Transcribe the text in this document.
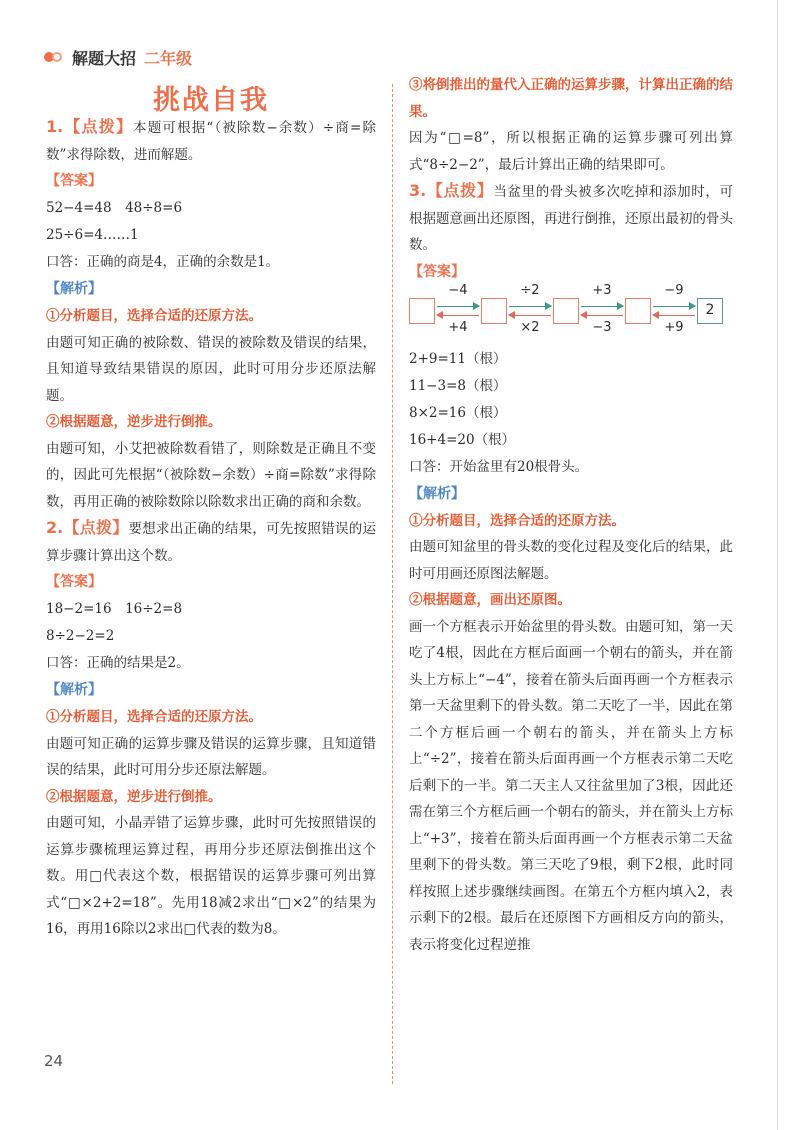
解题大招 二年级
挑战自我
1.【点拨】本题可根据“（被除数−余数）÷商=除数”求得除数，进而解题。
【答案】
52−4=48　48÷8=6
25÷6=4……1
口答：正确的商是4，正确的余数是1。
【解析】
①分析题目，选择合适的还原方法。
由题可知正确的被除数、错误的被除数及错误的结果，且知道导致结果错误的原因，此时可用分步还原法解题。
②根据题意，逆步进行倒推。
由题可知，小艾把被除数看错了，则除数是正确且不变的，因此可先根据“（被除数−余数）÷商=除数”求得除数，再用正确的被除数除以除数求出正确的商和余数。
2.【点拨】要想求出正确的结果，可先按照错误的运算步骤计算出这个数。
【答案】
18−2=16　16÷2=8
8÷2−2=2
口答：正确的结果是2。
【解析】
①分析题目，选择合适的还原方法。
由题可知正确的运算步骤及错误的运算步骤，且知道错误的结果，此时可用分步还原法解题。
②根据题意，逆步进行倒推。
由题可知，小晶弄错了运算步骤，此时可先按照错误的运算步骤梳理运算过程，再用分步还原法倒推出这个数。用□代表这个数，根据错误的运算步骤可列出算式“□×2+2=18”。先用18减2求出“□×2”的结果为16，再用16除以2求出□代表的数为8。
③将倒推出的量代入正确的运算步骤，计算出正确的结果。
因为“□=8”，所以根据正确的运算步骤可列出算式“8÷2−2”，最后计算出正确的结果即可。
3.【点拨】当盆里的骨头被多次吃掉和添加时，可根据题意画出还原图，再进行倒推，还原出最初的骨头数。
【答案】
2
−4	÷2	+3	−9
+4	×2	−3	+9
2+9=11（根）
11−3=8（根）
8×2=16（根）
16+4=20（根）
口答：开始盆里有20根骨头。
【解析】
①分析题目，选择合适的还原方法。
由题可知盆里的骨头数的变化过程及变化后的结果，此时可用画还原图法解题。
②根据题意，画出还原图。
画一个方框表示开始盆里的骨头数。由题可知，第一天吃了4根，因此在方框后面画一个朝右的箭头，并在箭头上方标上“−4”，接着在箭头后面再画一个方框表示第一天盆里剩下的骨头数。第二天吃了一半，因此在第二个方框后画一个朝右的箭头，并在箭头上方标上“÷2”，接着在箭头后面再画一个方框表示第二天吃后剩下的一半。第二天主人又往盆里加了3根，因此还需在第三个方框后画一个朝右的箭头，并在箭头上方标上“+3”，接着在箭头后面再画一个方框表示第二天盆里剩下的骨头数。第三天吃了9根，剩下2根，此时同样按照上述步骤继续画图。在第五个方框内填入2，表示剩下的2根。最后在还原图下方画相反方向的箭头，表示将变化过程逆推
24
